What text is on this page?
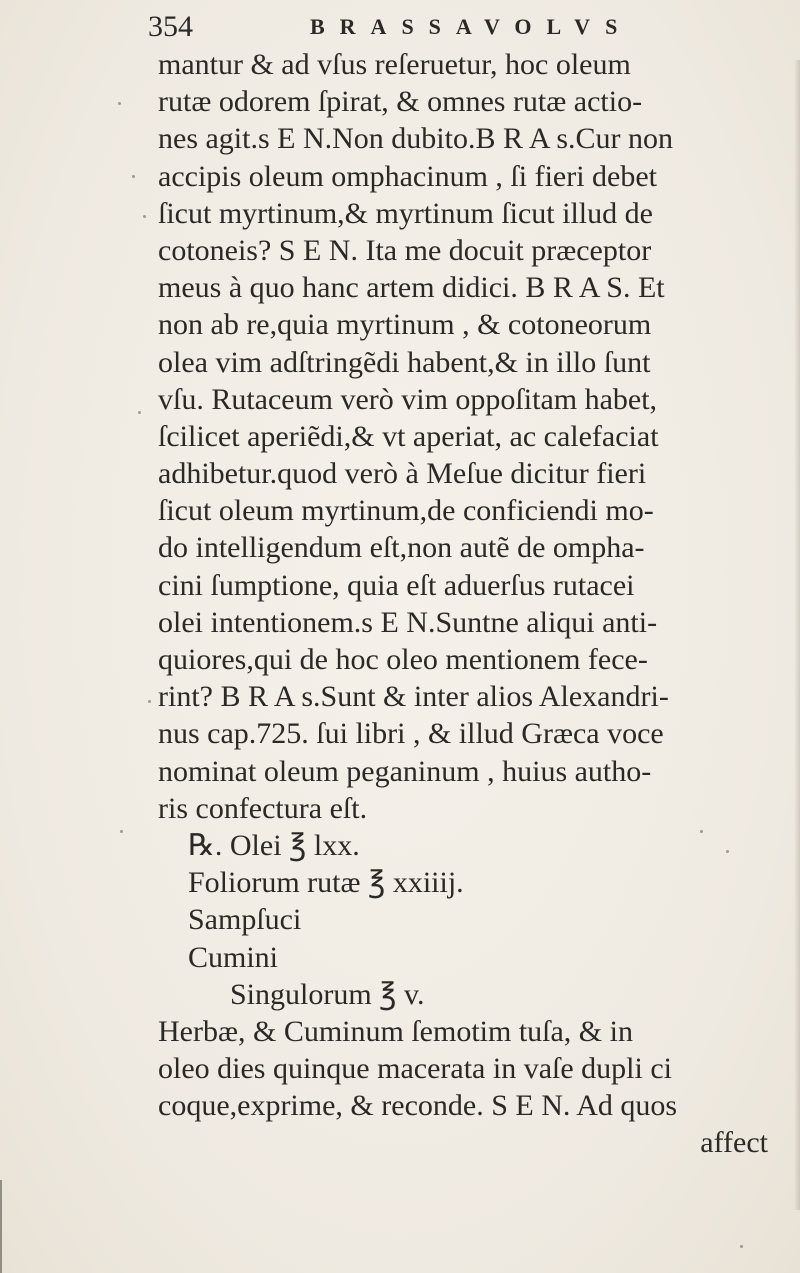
354	BRASSAVOLVS
mantur & ad vſus reſeruetur, hoc oleum
rutæ odorem ſpirat, & omnes rutæ actio-
nes agit.s E N.Non dubito.B R A s.Cur non
accipis oleum omphacinum , ſi fieri debet
ſicut myrtinum,& myrtinum ſicut illud de
cotoneis? S E N. Ita me docuit præceptor
meus à quo hanc artem didici. B R A S. Et
non ab re,quia myrtinum , & cotoneorum
olea vim adſtringẽdi habent,& in illo ſunt
vſu. Rutaceum verò vim oppoſitam habet,
ſcilicet aperiẽdi,& vt aperiat, ac calefaciat
adhibetur.quod verò à Meſue dicitur fieri
ſicut oleum myrtinum,de conficiendi mo-
do intelligendum eſt,non autẽ de ompha-
cini ſumptione, quia eſt aduerſus rutacei
olei intentionem.s E N.Suntne aliqui anti-
quiores,qui de hoc oleo mentionem fece-
rint? B R A s.Sunt & inter alios Alexandri-
nus cap.725. ſui libri , & illud Græca voce
nominat oleum peganinum , huius autho-
ris confectura eſt.
℞. Olei ℥ lxx.
Foliorum rutæ ℥ xxiiij.
Sampſuci
Cumini
Singulorum ℥ v.
Herbæ, & Cuminum ſemotim tuſa, & in
oleo dies quinque macerata in vaſe dupli ci
coque,exprime, & reconde. S E N. Ad quos
affect
